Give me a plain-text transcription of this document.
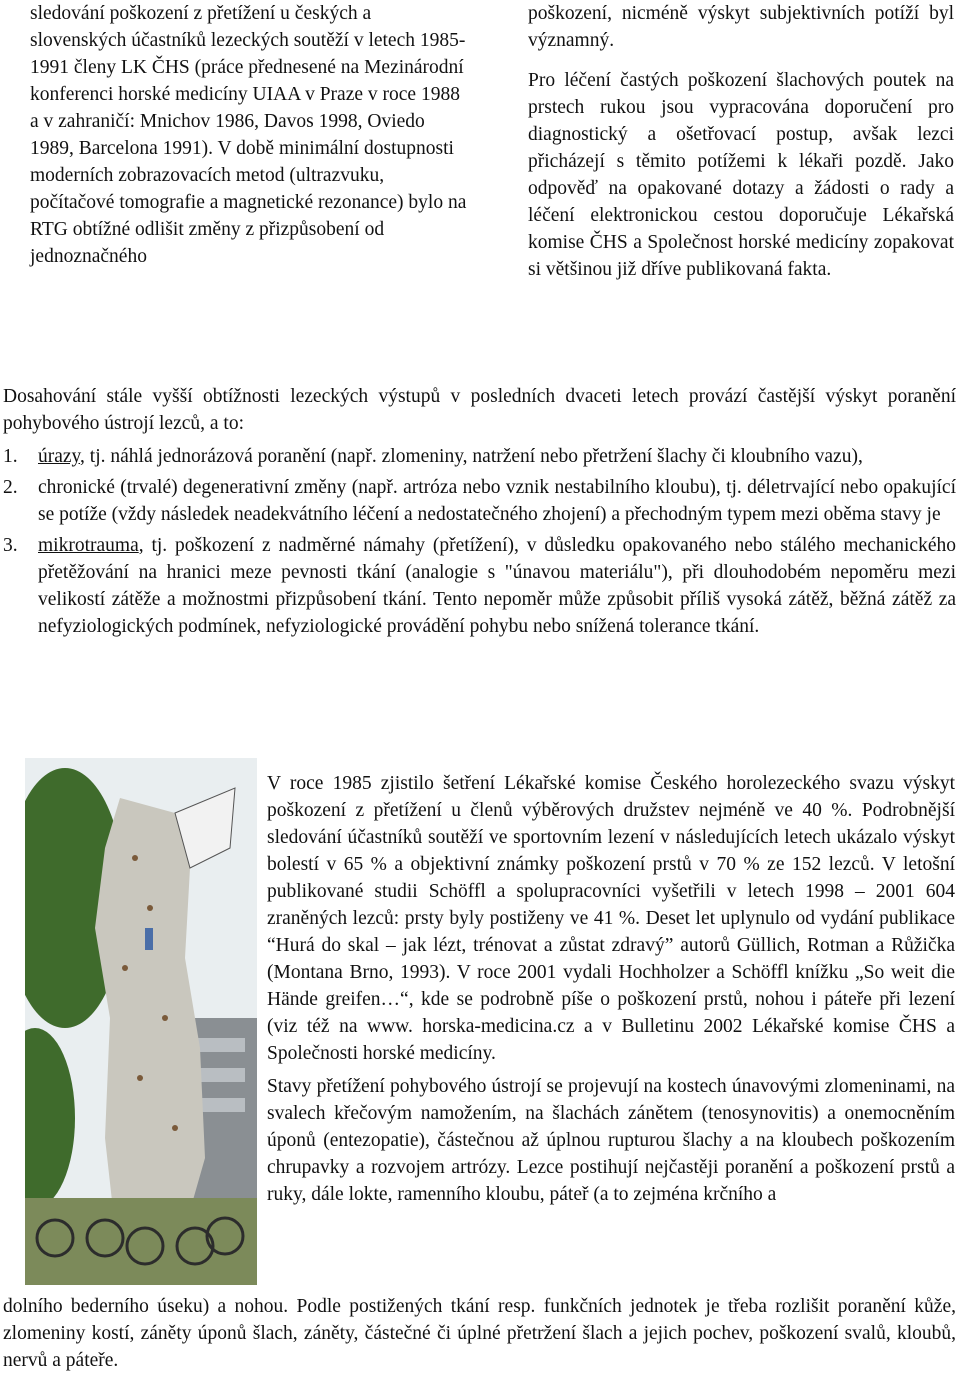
sledování poškození z přetížení u českých a slovenských účastníků lezeckých soutěží v letech 1985-1991 členy LK ČHS (práce přednesené na Mezinárodní konferenci horské medicíny UIAA v Praze v roce 1988 a v zahraničí: Mnichov 1986, Davos 1998, Oviedo 1989, Barcelona 1991). V době minimální dostupnosti moderních zobrazovacích metod (ultrazvuku, počítačové tomografie a magnetické rezonance) bylo na RTG obtížné odlišit změny z přizpůsobení od jednoznačného

poškození, nicméně výskyt subjektivních potíží byl významný.

Pro léčení častých poškození šlachových poutek na prstech rukou jsou vypracována doporučení pro diagnostický a ošetřovací postup, avšak lezci přicházejí s těmito potížemi k lékaři pozdě. Jako odpověď na opakované dotazy a žádosti o rady a léčení elektronickou cestou doporučuje Lékařská komise ČHS a Společnost horské medicíny zopakovat si většinou již dříve publikovaná fakta.

Dosahování stále vyšší obtížnosti lezeckých výstupů v posledních dvaceti letech provází častější výskyt poranění pohybového ústrojí lezců, a to:

1. úrazy, tj. náhlá jednorázová poranění (např. zlomeniny, natržení nebo přetržení šlachy či kloubního vazu),
2. chronické (trvalé) degenerativní změny (např. artróza nebo vznik nestabilního kloubu), tj. déletrvající nebo opakující se potíže (vždy následek neadekvátního léčení a nedostatečného zhojení) a přechodným typem mezi oběma stavy je
3. mikrotrauma, tj. poškození z nadměrné námahy (přetížení), v důsledku opakovaného nebo stálého mechanického přetěžování na hranici meze pevnosti tkání (analogie s "únavou materiálu"), při dlouhodobém nepoměru mezi velikostí zátěže a možnostmi přizpůsobení tkání. Tento nepoměr může způsobit příliš vysoká zátěž, běžná zátěž za nefyziologických podmínek, nefyziologické provádění pohybu nebo snížená tolerance tkání.

V roce 1985 zjistilo šetření Lékařské komise Českého horolezeckého svazu výskyt poškození z přetížení u členů výběrových družstev nejméně ve 40 %. Podrobnější sledování účastníků soutěží ve sportovním lezení v následujících letech ukázalo výskyt bolestí v 65 % a objektivní známky poškození prstů v 70 % ze 152 lezců. V letošní publikované studii Schöffl a spolupracovníci vyšetřili v letech 1998 – 2001 604 zraněných lezců: prsty byly postiženy ve 41 %. Deset let uplynulo od vydání publikace “Hurá do skal – jak lézt, trénovat a zůstat zdravý” autorů Güllich, Rotman a Růžička (Montana Brno, 1993). V roce 2001 vydali Hochholzer a Schöffl knížku „So weit die Hände greifen…“, kde se podrobně píše o poškození prstů, nohou i páteře při lezení (viz též na www. horska-medicina.cz a v Bulletinu 2002 Lékařské komise ČHS a Společnosti horské medicíny.

Stavy přetížení pohybového ústrojí se projevují na kostech únavovými zlomeninami, na svalech křečovým namožením, na šlachách zánětem (tenosynovitis) a onemocněním úponů (entezopatie), částečnou až úplnou rupturou šlachy a na kloubech poškozením chrupavky a rozvojem artrózy. Lezce postihují nejčastěji poranění a poškození prstů a ruky, dále lokte, ramenního kloubu, páteř (a to zejména krčního a

dolního bederního úseku) a nohou. Podle postižených tkání resp. funkčních jednotek je třeba rozlišit poranění kůže, zlomeniny kostí, záněty úponů šlach, záněty, částečné či úplné přetržení šlach a jejich pochev, poškození svalů, kloubů, nervů a páteře.
